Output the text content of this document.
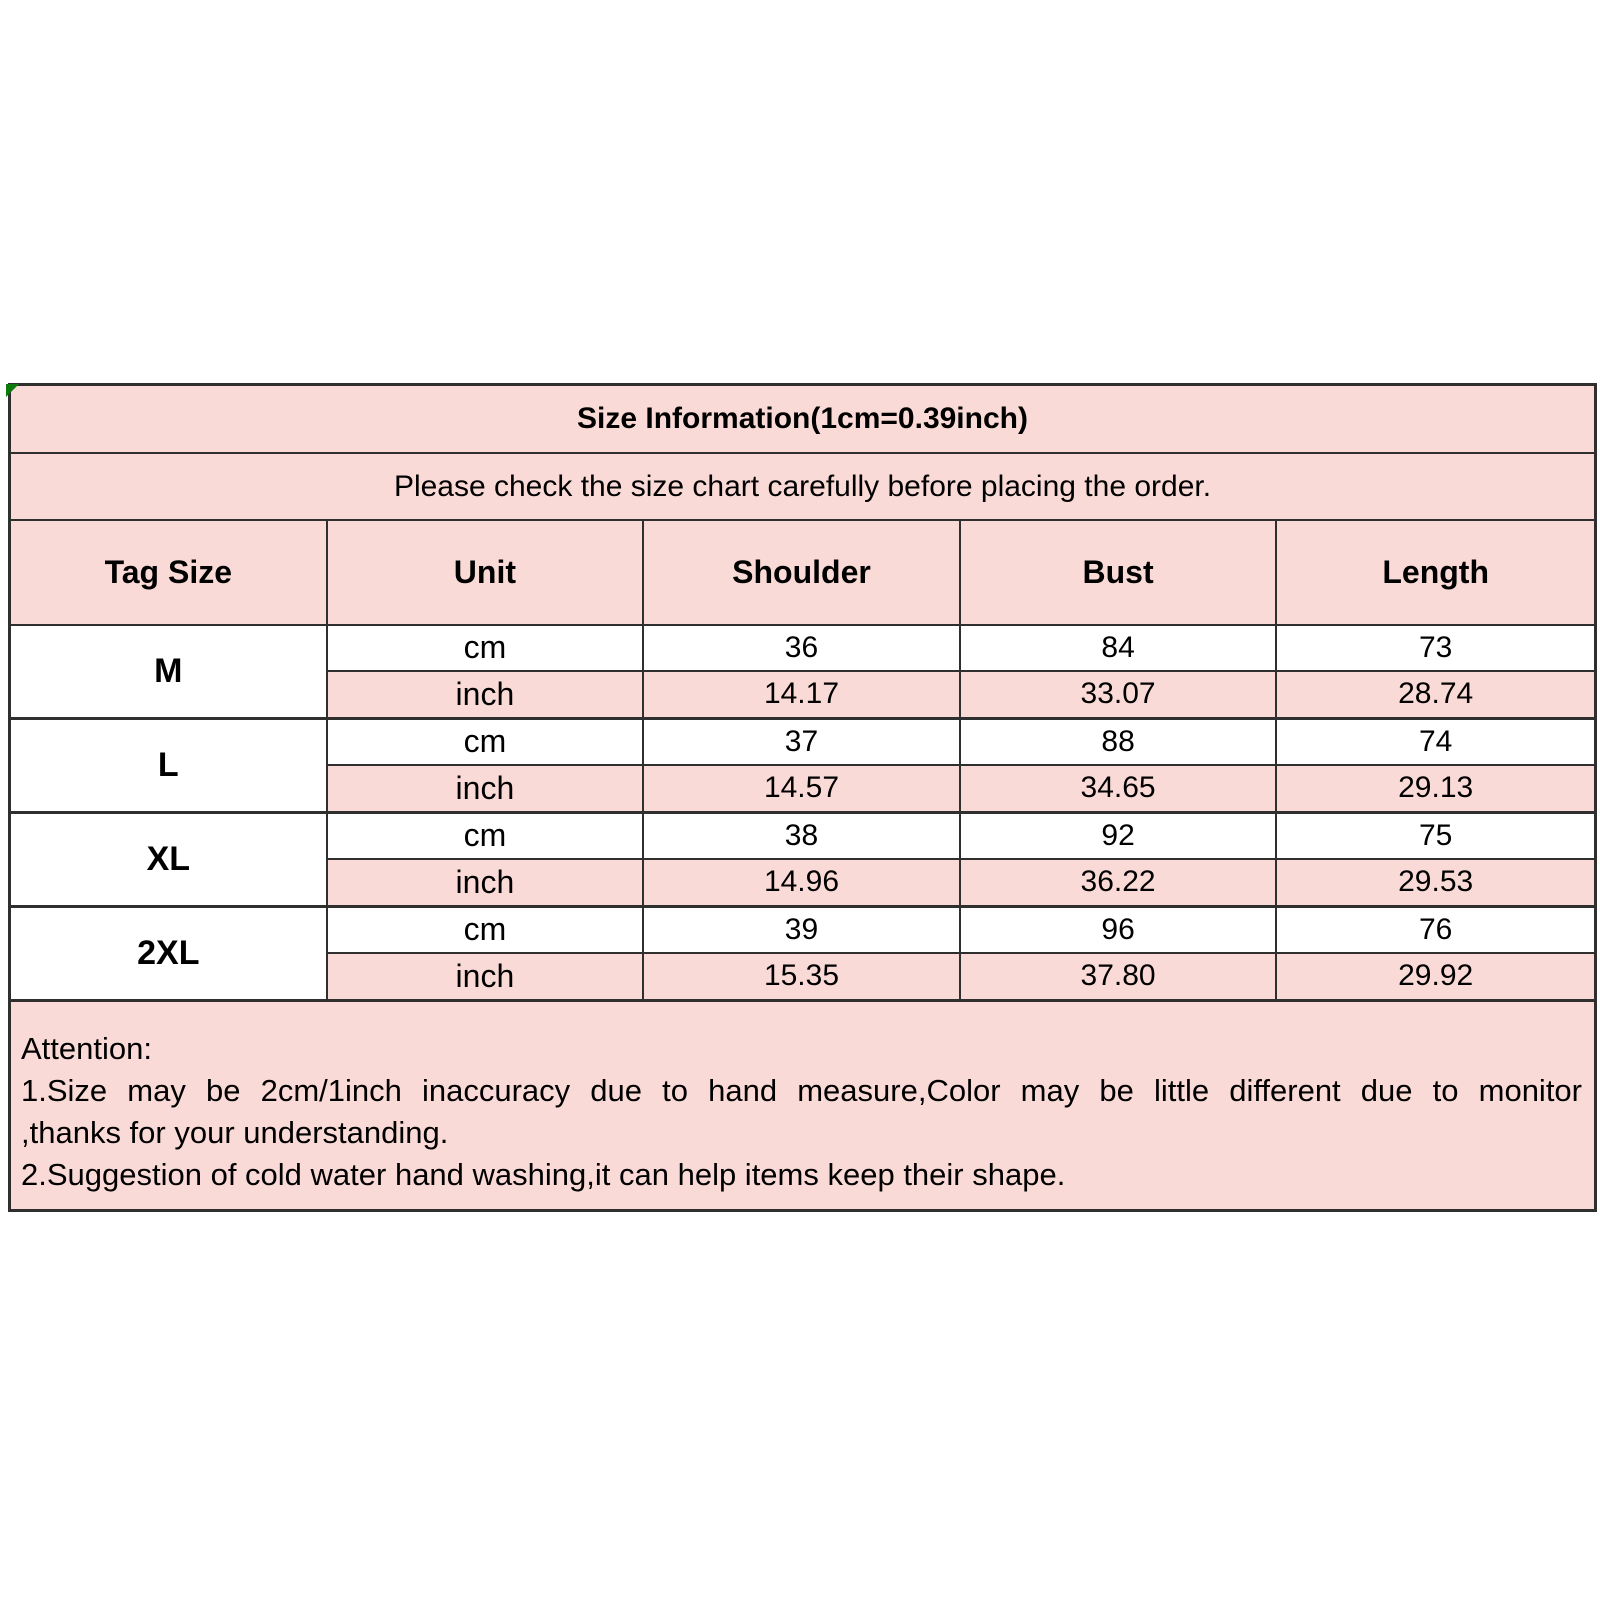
Size Information(1cm=0.39inch)
Please check the size chart carefully before placing the order.
Tag Size	Unit	Shoulder	Bust	Length
M
cm	36	84	73
inch	14.17	33.07	28.74
L
cm	37	88	74
inch	14.57	34.65	29.13
XL
cm	38	92	75
inch	14.96	36.22	29.53
2XL
cm	39	96	76
inch	15.35	37.80	29.92
Attention:
1.Size may be 2cm/1inch inaccuracy due to hand measure,Color may be little different due to monitor
,thanks for your understanding.
2.Suggestion of cold water hand washing,it can help items keep their shape.
